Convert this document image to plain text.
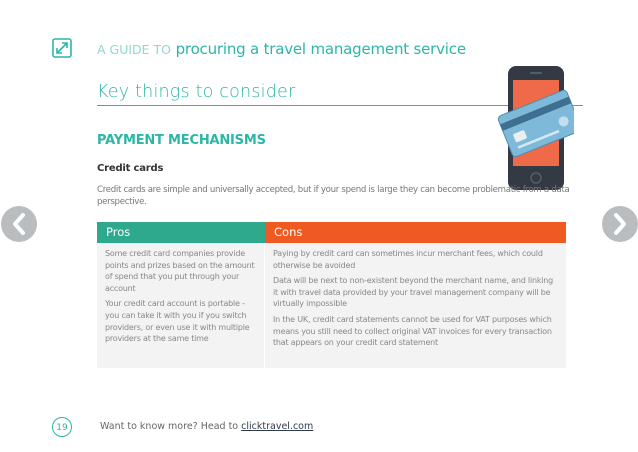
A GUIDE TO procuring a travel management service
Key things to consider
PAYMENT MECHANISMS
Credit cards
Credit cards are simple and universally accepted, but if your spend is large they can become problematic from a data perspective.
Pros	Cons

Some credit card companies provide points and prizes based on the amount of spend that you put through your account

Your credit card account is portable - you can take it with you if you switch providers, or even use it with multiple providers at the same time

Paying by credit card can sometimes incur merchant fees, which could otherwise be avoided

Data will be next to non-existent beyond the merchant name, and linking it with travel data provided by your travel management company will be virtually impossible

In the UK, credit card statements cannot be used for VAT purposes which means you still need to collect original VAT invoices for every transaction that appears on your credit card statement

19	Want to know more? Head to clicktravel.com
